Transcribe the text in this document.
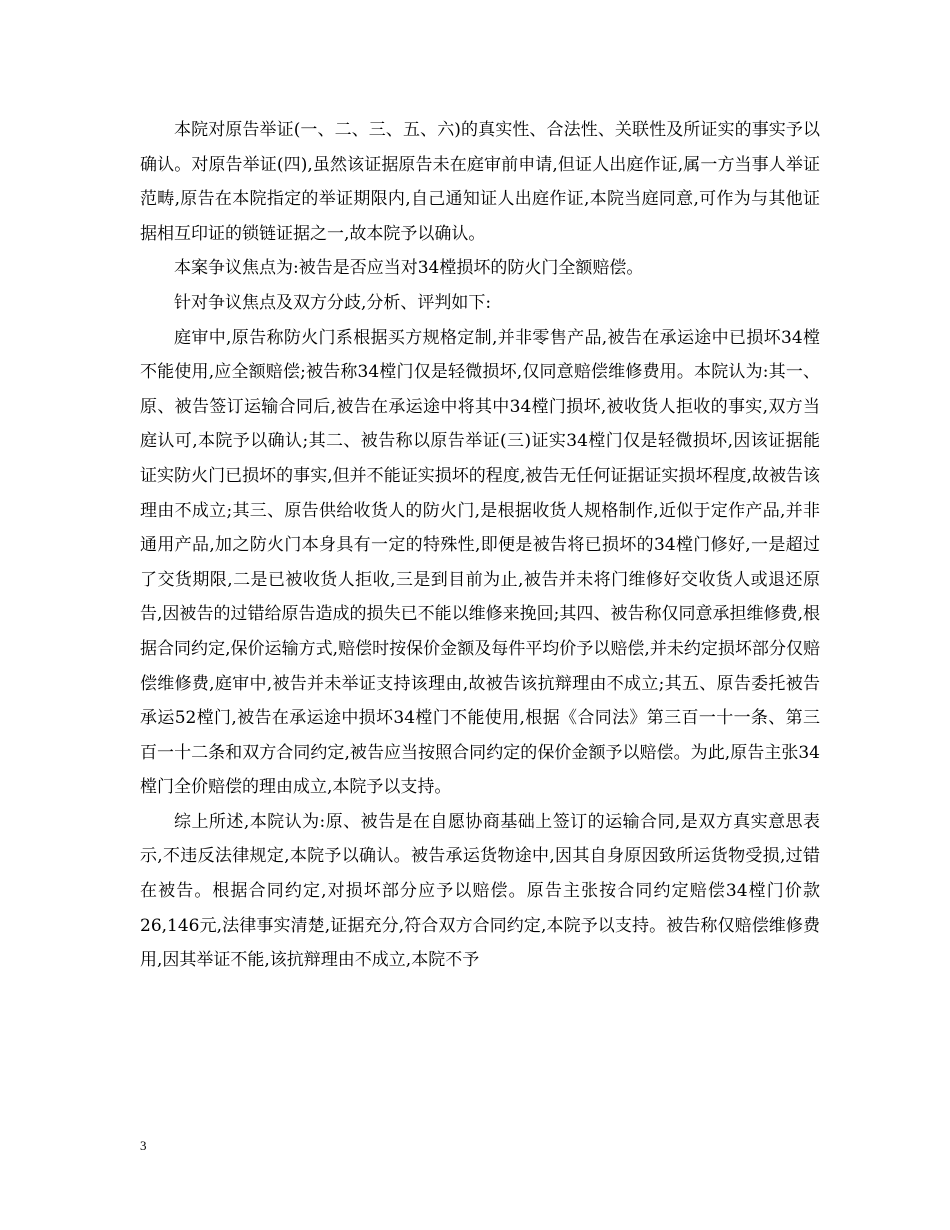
本院对原告举证(一、二、三、五、六)的真实性、合法性、关联性及所证实的事实予以确认。对原告举证(四),虽然该证据原告未在庭审前申请,但证人出庭作证,属一方当事人举证范畴,原告在本院指定的举证期限内,自己通知证人出庭作证,本院当庭同意,可作为与其他证据相互印证的锁链证据之一,故本院予以确认。

本案争议焦点为:被告是否应当对34樘损坏的防火门全额赔偿。

针对争议焦点及双方分歧,分析、评判如下:

庭审中,原告称防火门系根据买方规格定制,并非零售产品,被告在承运途中已损坏34樘不能使用,应全额赔偿;被告称34樘门仅是轻微损坏,仅同意赔偿维修费用。本院认为:其一、原、被告签订运输合同后,被告在承运途中将其中34樘门损坏,被收货人拒收的事实,双方当庭认可,本院予以确认;其二、被告称以原告举证(三)证实34樘门仅是轻微损坏,因该证据能证实防火门已损坏的事实,但并不能证实损坏的程度,被告无任何证据证实损坏程度,故被告该理由不成立;其三、原告供给收货人的防火门,是根据收货人规格制作,近似于定作产品,并非通用产品,加之防火门本身具有一定的特殊性,即便是被告将已损坏的34樘门修好,一是超过了交货期限,二是已被收货人拒收,三是到目前为止,被告并未将门维修好交收货人或退还原告,因被告的过错给原告造成的损失已不能以维修来挽回;其四、被告称仅同意承担维修费,根据合同约定,保价运输方式,赔偿时按保价金额及每件平均价予以赔偿,并未约定损坏部分仅赔偿维修费,庭审中,被告并未举证支持该理由,故被告该抗辩理由不成立;其五、原告委托被告承运52樘门,被告在承运途中损坏34樘门不能使用,根据《合同法》第三百一十一条、第三百一十二条和双方合同约定,被告应当按照合同约定的保价金额予以赔偿。为此,原告主张34樘门全价赔偿的理由成立,本院予以支持。

综上所述,本院认为:原、被告是在自愿协商基础上签订的运输合同,是双方真实意思表示,不违反法律规定,本院予以确认。被告承运货物途中,因其自身原因致所运货物受损,过错在被告。根据合同约定,对损坏部分应予以赔偿。原告主张按合同约定赔偿34樘门价款26,146元,法律事实清楚,证据充分,符合双方合同约定,本院予以支持。被告称仅赔偿维修费用,因其举证不能,该抗辩理由不成立,本院不予

3
